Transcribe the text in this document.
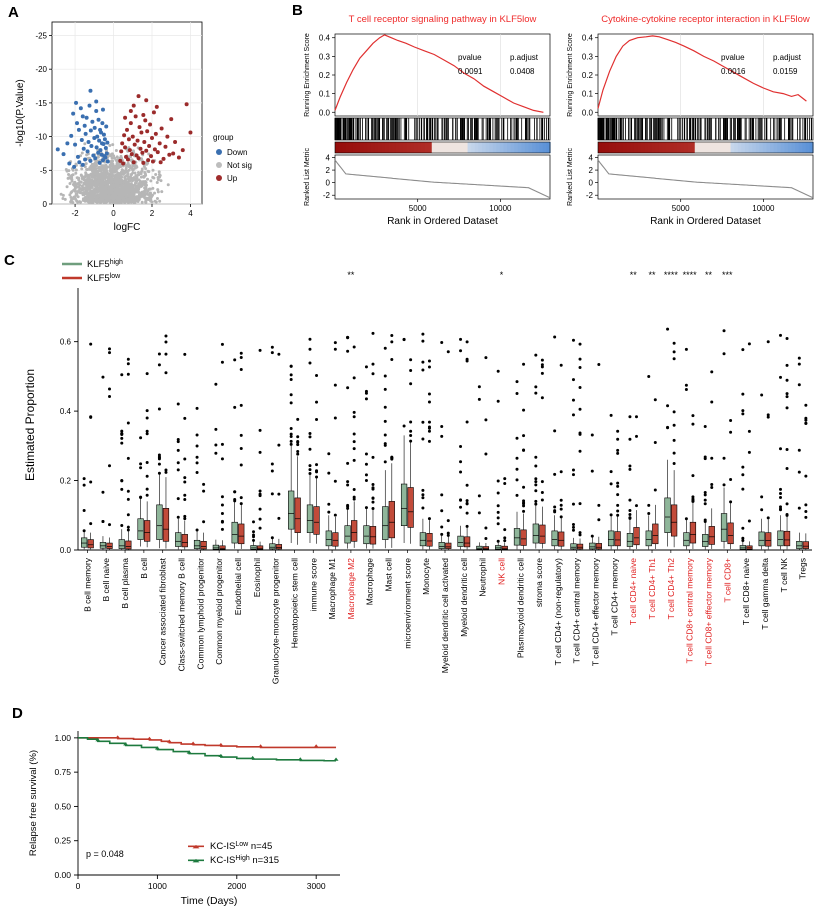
A	B
C
D
0
-5
-10
-15
-20
-25
-2	0	2	4
logFC
-log10(P.Value)	group
Down
Not sig
Up
T cell receptor signaling pathway in KLF5low
0.0
0.1
0.2
0.3
0.4
Running Enrichment Score	pvalue	p.adjust
0.0091	0.0408
-2
0
2
4
Ranked List Metric
5000	10000
Rank in Ordered Dataset
Cytokine-cytokine receptor interaction in KLF5low
0.0
0.1
0.2
0.3
0.4
Running Enrichment Score	pvalue	p.adjust
0.0016	0.0159
-2
0
2
4
Ranked List Metric
5000	10000
Rank in Ordered Dataset
0.0
0.2
0.4
0.6
Estimated Proportion
$KLF5^{high}$
$KLF5^{low}$
B cell memory B cell naive B cell plasma B cell Cancer associated fibroblast Class-switched memory B cell Common lymphoid progenitor Common myeloid progenitor Endothelial cell Eosinophil Granulocyte-monocyte progenitor Hematopoietic stem cell immune score Macrophage M1
**
Macrophage M2 Macrophage Mast cell microenvironment score Monocyte Myeloid dendritic cell activated Myeloid dendritic cell Neutrophil
*
NK cell Plasmacytoid dendritic cell stroma score T cell CD4+ (non-regulatory) T cell CD4+ central memory T cell CD4+ effector memory T cell CD4+ memory
**
T cell CD4+ naive
**
T cell CD4+ Th1
****
T cell CD4+ Th2
****
T cell CD8+ central memory
**
T cell CD8+ effector memory
***
T cell CD8+ T cell CD8+ naive T cell gamma delta T cell NK Tregs
0.00
0.25
0.50
0.75
1.00
0	1000	2000	3000
Time (Days)
Relapse free survival (%)	p = 0.048
$KC-IS^{Low}$ n=45
$KC-IS^{High}$ n=315
